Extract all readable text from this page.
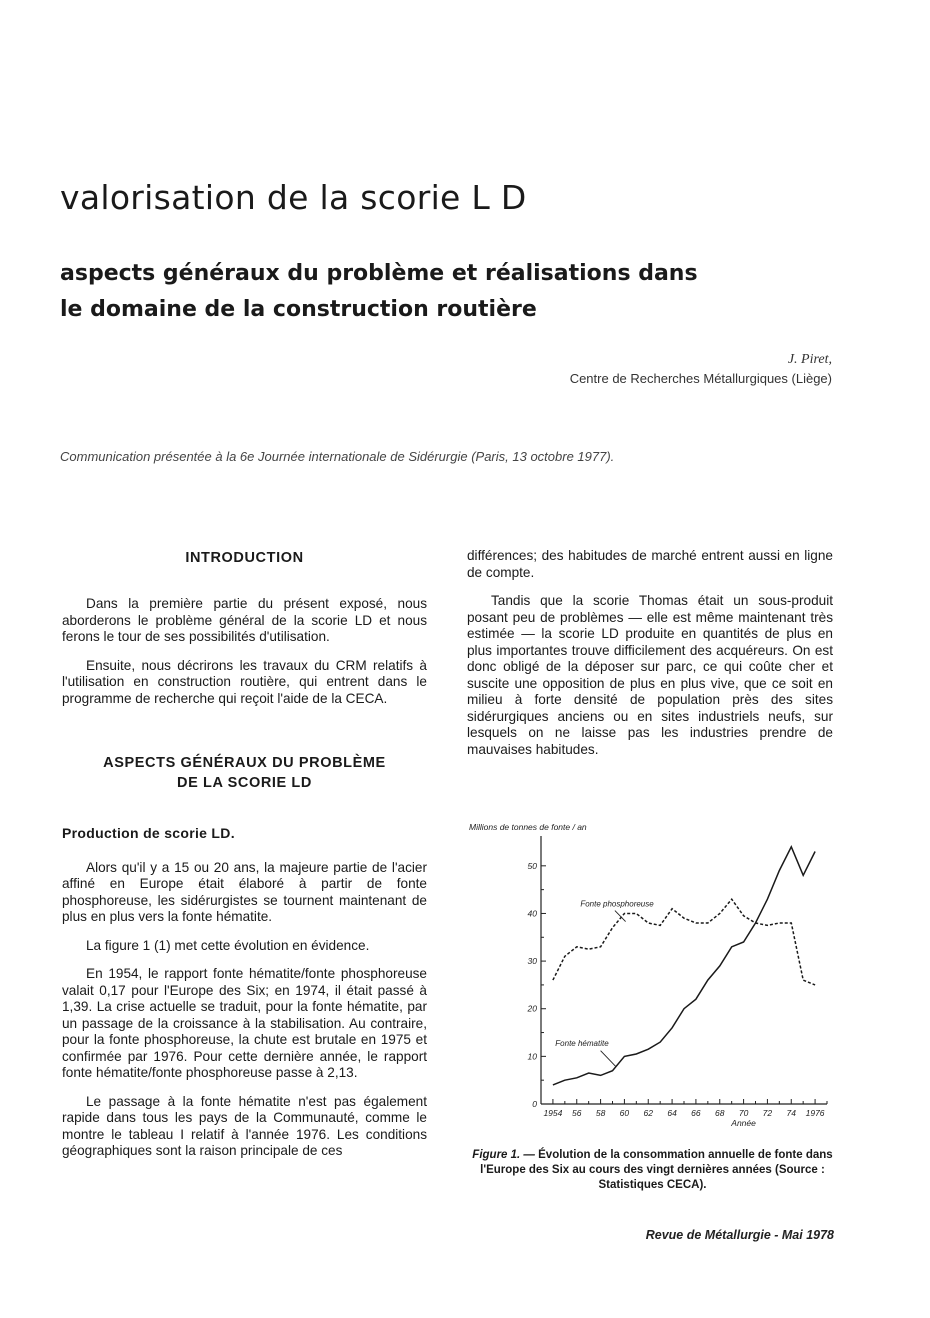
valorisation de la scorie L D
aspects généraux du problème et réalisations dans
le domaine de la construction routière
J. Piret,
Centre de Recherches Métallurgiques (Liège)
Communication présentée à la 6e Journée internationale de Sidérurgie (Paris, 13 octobre 1977).
INTRODUCTION

Dans la première partie du présent exposé, nous aborderons le problème général de la scorie LD et nous ferons le tour de ses possibilités d'utilisation.

Ensuite, nous décrirons les travaux du CRM relatifs à l'utilisation en construction routière, qui entrent dans le programme de recherche qui reçoit l'aide de la CECA.

ASPECTS GÉNÉRAUX DU PROBLÈME
DE LA SCORIE LD
Production de scorie LD.

Alors qu'il y a 15 ou 20 ans, la majeure partie de l'acier affiné en Europe était élaboré à partir de fonte phosphoreuse, les sidérurgistes se tournent maintenant de plus en plus vers la fonte hématite.

La figure 1 (1) met cette évolution en évidence.

En 1954, le rapport fonte hématite/fonte phosphoreuse valait 0,17 pour l'Europe des Six; en 1974, il était passé à 1,39. La crise actuelle se traduit, pour la fonte hématite, par un passage de la croissance à la stabilisation. Au contraire, pour la fonte phosphoreuse, la chute est brutale en 1975 et confirmée par 1976. Pour cette dernière année, le rapport fonte hématite/fonte phosphoreuse passe à 2,13.

Le passage à la fonte hématite n'est pas également rapide dans tous les pays de la Communauté, comme le montre le tableau I relatif à l'année 1976. Les conditions géographiques sont la raison principale de ces

différences; des habitudes de marché entrent aussi en ligne de compte.

Tandis que la scorie Thomas était un sous-produit posant peu de problèmes — elle est même maintenant très estimée — la scorie LD produite en quantités de plus en plus importantes trouve difficilement des acquéreurs. On est donc obligé de la déposer sur parc, ce qui coûte cher et suscite une opposition de plus en plus vive, que ce soit en milieu à forte densité de population près des sites sidérurgiques anciens ou en sites industriels neufs, sur lesquels on ne laisse pas les industries prendre de mauvaises habitudes.

Millions de tonnes de fonte / an
0
10
20
30
40
50
1954 56 58 60 62 64 66 68 70 72 74 1976
Année
Fonte phosphoreuse
Fonte hématite
Figure 1. — Évolution de la consommation annuelle de fonte dans l'Europe des Six au cours des vingt dernières années (Source : Statistiques CECA).
Revue de Métallurgie - Mai 1978
